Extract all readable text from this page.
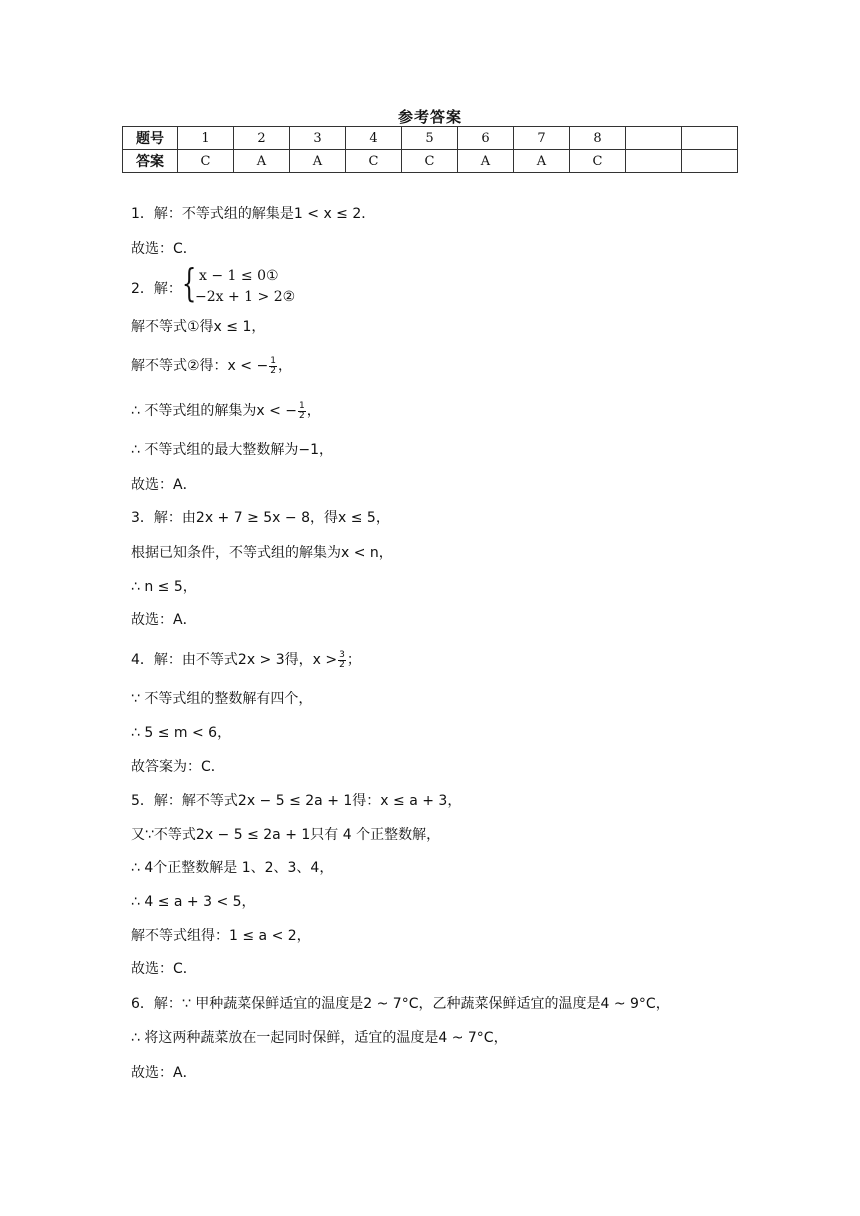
参考答案
题号	1	2	3	4	5	6	7	8		
答案	C	A	A	C	C	A	A	C		
1．解：不等式组的解集是1 < x ≤ 2．
故选：C．
2．解： { x − 1 ≤ 0①
−2x + 1 > 2②
解不等式①得x ≤ 1，
解不等式②得：x < − $\frac{1}{2}$ ，
∴ 不等式组的解集为x < − $\frac{1}{2}$ ，
∴ 不等式组的最大整数解为−1，
故选：A．
3．解：由2x + 7 ≥ 5x − 8，得x ≤ 5，
根据已知条件，不等式组的解集为x < n，
∴ n ≤ 5，
故选：A．
4．解：由不等式2x > 3得，$x > \frac{3}{2}$ ；
∵ 不等式组的整数解有四个，
∴ 5 ≤ m < 6，
故答案为：C．
5．解：解不等式2x − 5 ≤ 2a + 1得：x ≤ a + 3，
又∵不等式2x − 5 ≤ 2a + 1只有 4 个正整数解，
∴ 4个正整数解是 1、2、3、4，
∴ 4 ≤ a + 3 < 5，
解不等式组得：1 ≤ a < 2，
故选：C．
6．解：∵ 甲种蔬菜保鲜适宜的温度是2 ~ 7°C，乙种蔬菜保鲜适宜的温度是4 ~ 9°C，
∴ 将这两种蔬菜放在一起同时保鲜，适宜的温度是4 ~ 7°C，
故选：A．
